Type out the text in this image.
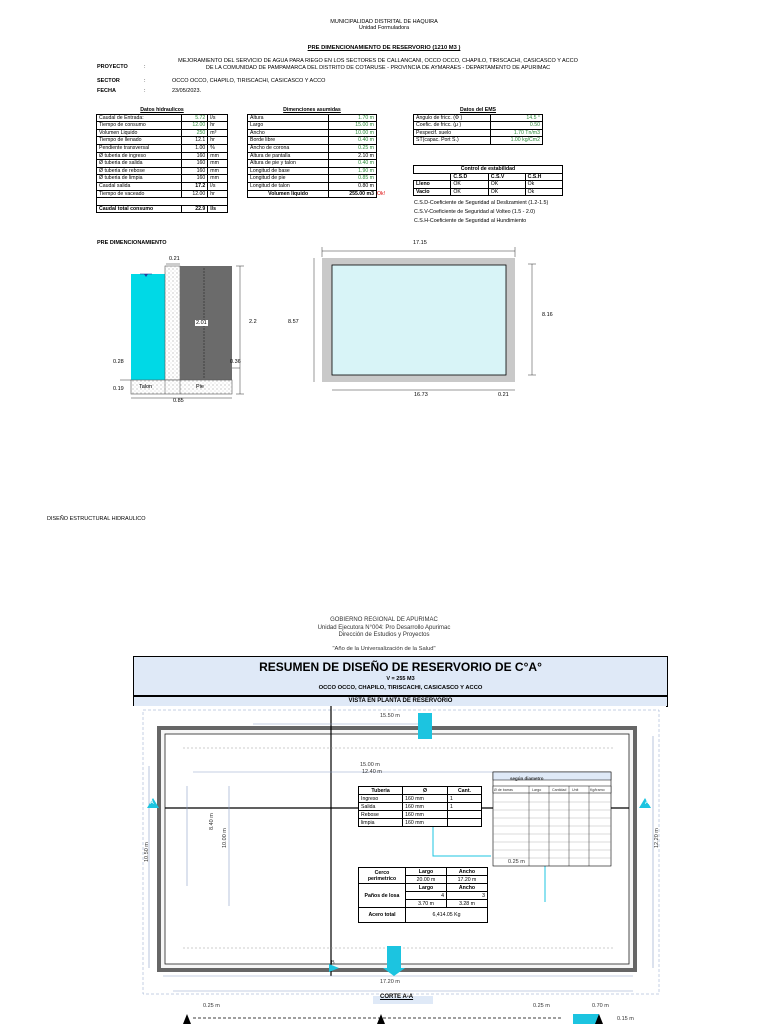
MUNICIPALIDAD DISTRITAL DE HAQUIRA
Unidad Formuladora
PRE DIMENCIONAMIENTO DE RESERVORIO (1210 M3 )
PROYECTO	:
MEJORAMIENTO DEL SERVICIO DE AGUA PARA RIEGO EN LOS SECTORES DE CALLANCANI, OCCO OCCO, CHAPILO, TIRISCACHI, CASICASCO Y ACCO
DE LA COMUNIDAD DE PAMPAMARCA DEL DISTRITO DE COTARUSE - PROVINCIA DE AYMARAES - DEPARTAMENTO DE APURIMAC
SECTOR	:	OCCO OCCO, CHAPILO, TIRISCACHI, CASICASCO Y ACCO
FECHA	:	23/05/2023.
Datos hidraulicos		
Caudal de Entrada:	5.72	l/s
Tiempo de consumo	12.00	hr
Volumen Liquido	250	m³
Tiempo de llenado	12.1	hr
Pendiente transversal	1.00	%
Ø tuberia de ingreso	160	mm
Ø tuberia de salida	160	mm
Ø tuberia de rebose	160	mm
Ø tuberia de limpia	160	mm
Caudal salida	17.2	l/s
Tiempo de vaceado	12.00	hr

Caudal total consumo	22.9	l/s
Dimenciones asumidas	
Altura	1.70 m
Largo	15.00 m
Ancho	10.00 m
Borde libre	0.40 m
Ancho de corona	0.25 m
Altura de pantalla	2.10 m
Altura de pie y talon	0.40 m
Longitud de base	1.90 m
Longitud de pie	0.85 m
Longitud de talon	0.80 m
Volumen liquido	255.00 m3 Ok!
Datos del EMS	
Angulo de fricc. (Φ )	14.5 °
Coefic. de fricc. (μ )	0.50
Pespecif. suelo	1.70 Tn/m3
ST(capac. Port S.)	1.00 kg/Cm2
Control de estabilidad			
	C.S.D	C.S.V	C.S.H
Lleno	OK	OK	Ok
Vacio	OK	OK	Ok
C.S.D-Coeficiente de Seguridad al Deslizamient (1.2-1.5)
C.S.V-Coeficiente de Seguridad al Volteo (1.5 - 2.0)
C.S.H-Coeficiente de Seguridad al Hundimiento
PRE DIMENCIONAMIENTO
0.21
2.01	2.2	8.57
0.28	0.36
0.19	Talon	Pie
0.85
17.15
8.16
16.73	0.21
DISEÑO ESTRUCTURAL HIDRAULICO
GOBIERNO REGIONAL DE APURIMAC
Unidad Ejecutora N°004: Pro Desarrollo Apurimac
Dirección de Estudios y Proyectos
"Año de la Universalización de la Salud"
RESUMEN DE DISEÑO DE RESERVORIO DE C°A°
V = 255 M3
OCCO OCCO, CHAPILO, TIRISCACHI, CASICASCO Y ACCO
VISTA EN PLANTA DE RESERVORIO
15.50 m
15.00 m
12.40 m
8.40 m
10.00 m
10.50 m
12.20 m
17.20 m
0.25 m
A	A
B
según diametro
Ø de barras	Largo	Cantidad	Unit	Kg/tramo
Tuberia	Ø	Cant.
Ingreso	160 mm	1
Salida	160 mm	1
Rebose	160 mm	
limpia	160 mm	
Cerco perimetrico	Largo	Ancho
	20.00 m	17.20 m
Paños de losa	Largo	Ancho
	4	3
	3.70 m	3.28 m
Acero total	6,414.05 Kg	
CORTE A-A
0.25 m	0.25 m	0.70 m
0.15 m
